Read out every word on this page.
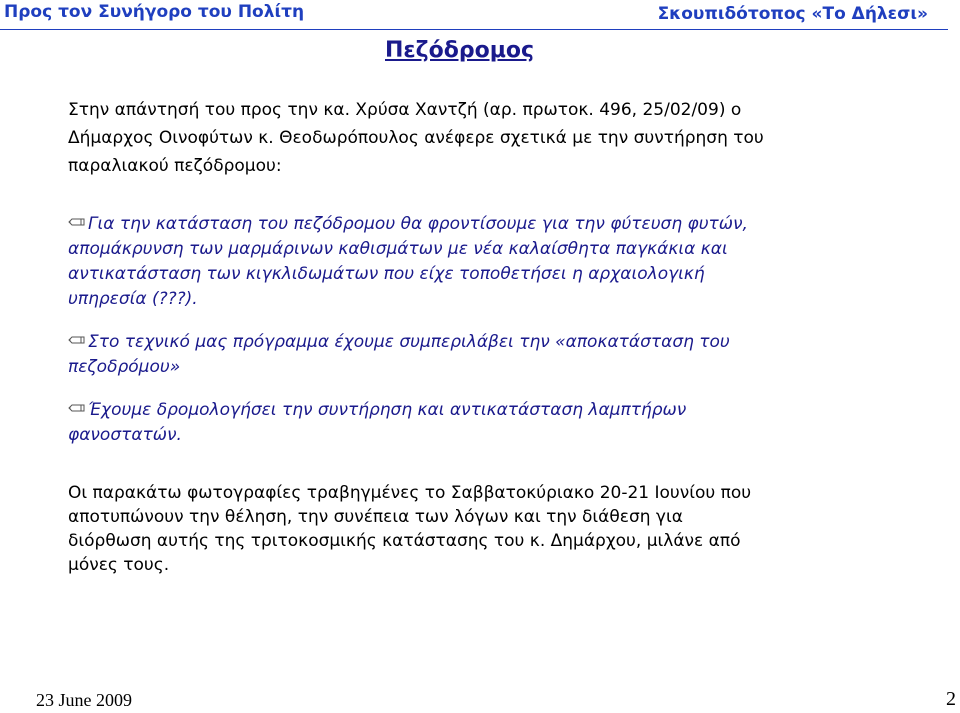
Προς τον Συνήγορο του Πολίτη	Σκουπιδότοπος «Το Δήλεσι»
Πεζόδρομος

Στην απάντησή του προς την κα. Χρύσα Χαντζή (αρ. πρωτοκ. 496, 25/02/09) ο Δήμαρχος Οινοφύτων κ. Θεοδωρόπουλος ανέφερε σχετικά με την συντήρηση του παραλιακού πεζόδρομου:

Για την κατάσταση του πεζόδρομου θα φροντίσουμε για την φύτευση φυτών, απομάκρυνση των μαρμάρινων καθισμάτων με νέα καλαίσθητα παγκάκια και αντικατάσταση των κιγκλιδωμάτων που είχε τοποθετήσει η αρχαιολογική υπηρεσία (???).

Στο τεχνικό μας πρόγραμμα έχουμε συμπεριλάβει την «αποκατάσταση του πεζοδρόμου»

Έχουμε δρομολογήσει την συντήρηση και αντικατάσταση λαμπτήρων φανοστατών.

Οι παρακάτω φωτογραφίες τραβηγμένες το Σαββατοκύριακο 20-21 Ιουνίου που αποτυπώνουν την θέληση, την συνέπεια των λόγων και την διάθεση για διόρθωση αυτής της τριτοκοσμικής κατάστασης του κ. Δημάρχου, μιλάνε από μόνες τους.

23 June 2009	2
